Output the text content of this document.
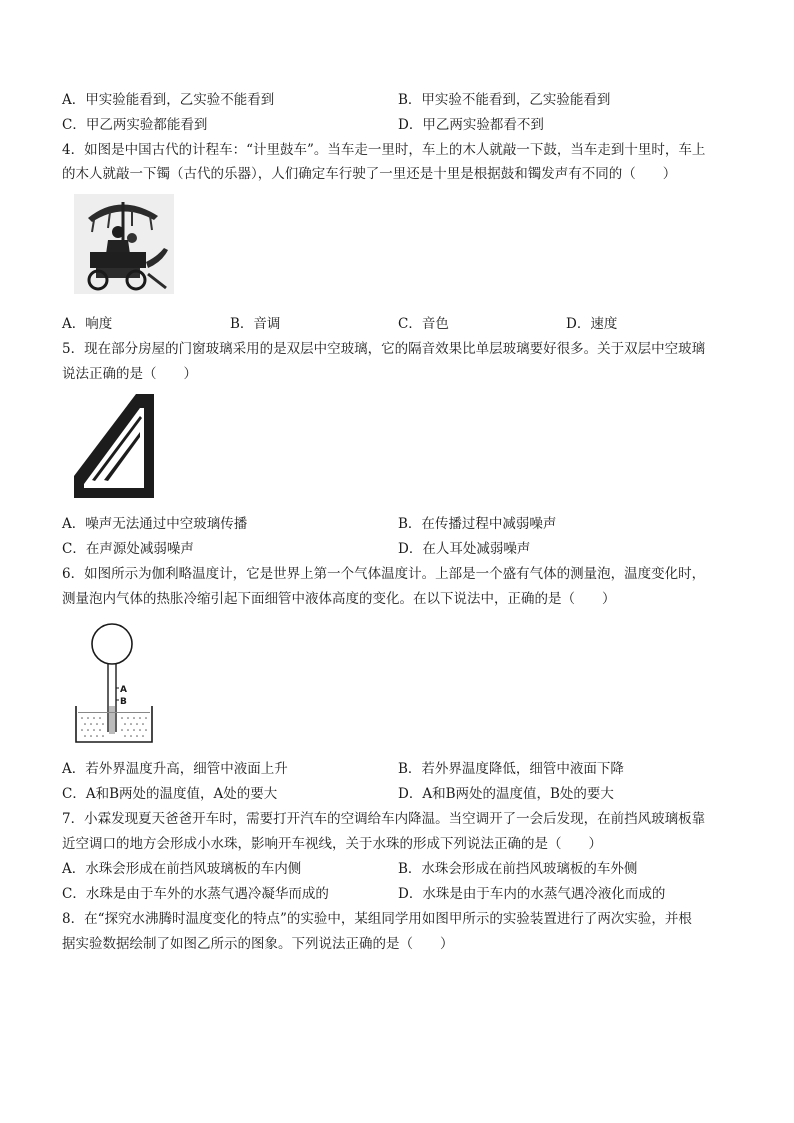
A．甲实验能看到，乙实验不能看到	B．甲实验不能看到，乙实验能看到
C．甲乙两实验都能看到	D．甲乙两实验都看不到
4．如图是中国古代的计程车：“计里鼓车”。当车走一里时，车上的木人就敲一下鼓，当车走到十里时，车上
的木人就敲一下镯（古代的乐器），人们确定车行驶了一里还是十里是根据鼓和镯发声有不同的（　　）
A．响度	B．音调	C．音色	D．速度
5．现在部分房屋的门窗玻璃采用的是双层中空玻璃，它的隔音效果比单层玻璃要好很多。关于双层中空玻璃
说法正确的是（　　）
A．噪声无法通过中空玻璃传播	B．在传播过程中减弱噪声
C．在声源处减弱噪声	D．在人耳处减弱噪声
6．如图所示为伽利略温度计，它是世界上第一个气体温度计。上部是一个盛有气体的测量泡，温度变化时，
测量泡内气体的热胀冷缩引起下面细管中液体高度的变化。在以下说法中，正确的是（　　）
A
B
A．若外界温度升高，细管中液面上升	B．若外界温度降低，细管中液面下降
C．A和B两处的温度值，A处的要大	D．A和B两处的温度值，B处的要大
7．小霖发现夏天爸爸开车时，需要打开汽车的空调给车内降温。当空调开了一会后发现，在前挡风玻璃板靠
近空调口的地方会形成小水珠，影响开车视线，关于水珠的形成下列说法正确的是（　　）
A．水珠会形成在前挡风玻璃板的车内侧	B．水珠会形成在前挡风玻璃板的车外侧
C．水珠是由于车外的水蒸气遇冷凝华而成的	D．水珠是由于车内的水蒸气遇冷液化而成的
8．在“探究水沸腾时温度变化的特点”的实验中，某组同学用如图甲所示的实验装置进行了两次实验，并根
据实验数据绘制了如图乙所示的图象。下列说法正确的是（　　）
